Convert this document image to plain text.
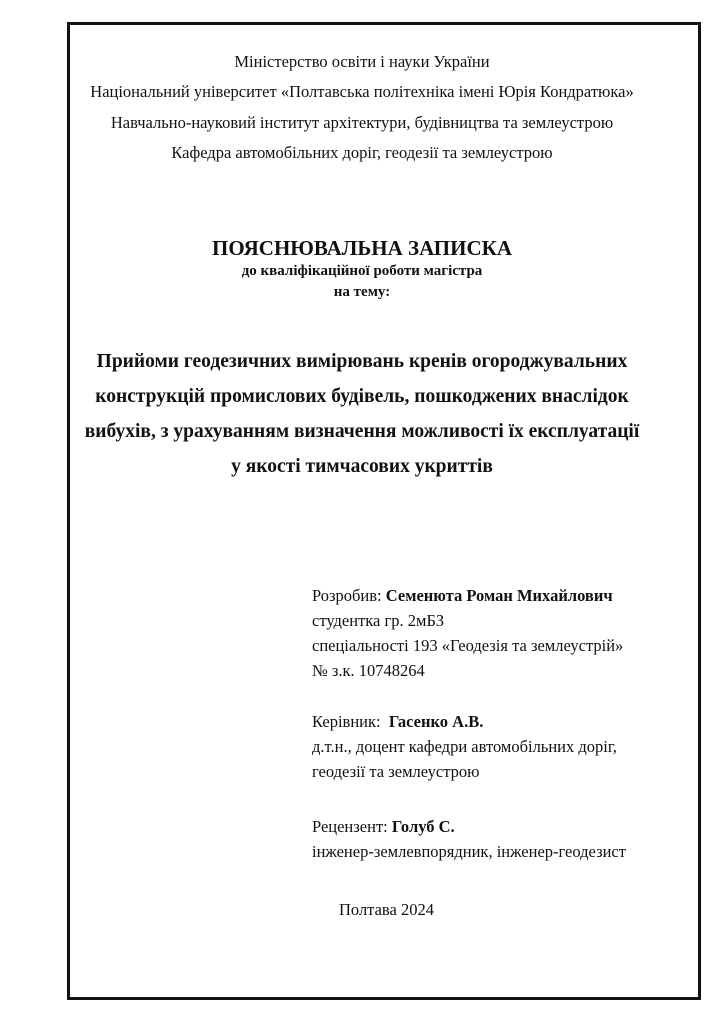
Міністерство освіти і науки України
Національний університет «Полтавська політехніка імені Юрія Кондратюка»
Навчально-науковий інститут архітектури, будівництва та землеустрою
Кафедра автомобільних доріг, геодезії та землеустрою
ПОЯСНЮВАЛЬНА ЗАПИСКА
до кваліфікаційної роботи магістра
на тему:
Прийоми геодезичних вимірювань кренів огороджувальних
конструкцій промислових будівель, пошкоджених внаслідок
вибухів, з урахуванням визначення можливості їх експлуатації
у якості тимчасових укриттів
Розробив: Семенюта Роман Михайлович
студентка гр. 2мБЗ
спеціальності 193 «Геодезія та землеустрій»
№ з.к. 10748264
Керівник:  Гасенко А.В.
д.т.н., доцент кафедри автомобільних доріг,
геодезії та землеустрою
Рецензент: Голуб С.
інженер-землевпорядник, інженер-геодезист
Полтава 2024
